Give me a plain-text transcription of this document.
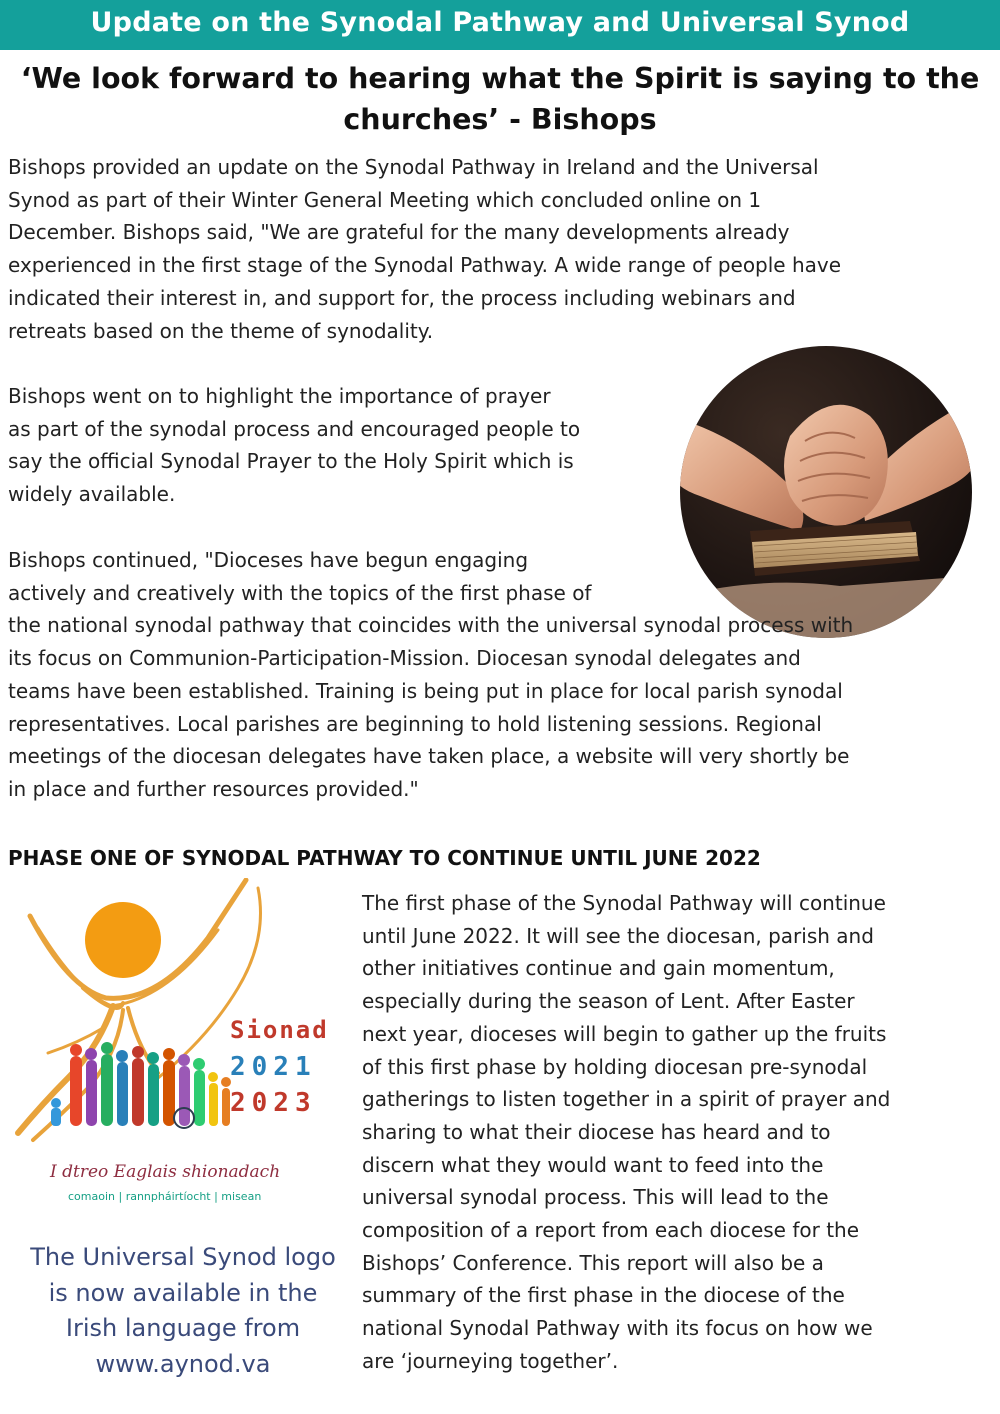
Update on the Synodal Pathway and Universal Synod
‘We look forward to hearing what the Spirit is saying to the
churches’ - Bishops
Bishops provided an update on the Synodal Pathway in Ireland and the Universal
Synod as part of their Winter General Meeting which concluded online on 1
December. Bishops said, "We are grateful for the many developments already
experienced in the first stage of the Synodal Pathway. A wide range of people have
indicated their interest in, and support for, the process including webinars and
retreats based on the theme of synodality.
Bishops went on to highlight the importance of prayer
as part of the synodal process and encouraged people to
say the official Synodal Prayer to the Holy Spirit which is
widely available.
Bishops continued, "Dioceses have begun engaging
actively and creatively with the topics of the first phase of
the national synodal pathway that coincides with the universal synodal process with
its focus on Communion-Participation-Mission. Diocesan synodal delegates and
teams have been established. Training is being put in place for local parish synodal
representatives. Local parishes are beginning to hold listening sessions. Regional
meetings of the diocesan delegates have taken place, a website will very shortly be
in place and further resources provided."
PHASE ONE OF SYNODAL PATHWAY TO CONTINUE UNTIL JUNE 2022
Sionad
2021
2023
I dtreo Eaglais shionadach
comaoin | rannpháirtíocht | misean
The Universal Synod logo
is now available in the
Irish language from
www.aynod.va
The first phase of the Synodal Pathway will continue
until June 2022. It will see the diocesan, parish and
other initiatives continue and gain momentum,
especially during the season of Lent. After Easter
next year, dioceses will begin to gather up the fruits
of this first phase by holding diocesan pre-synodal
gatherings to listen together in a spirit of prayer and
sharing to what their diocese has heard and to
discern what they would want to feed into the
universal synodal process. This will lead to the
composition of a report from each diocese for the
Bishops’ Conference. This report will also be a
summary of the first phase in the diocese of the
national Synodal Pathway with its focus on how we
are ‘journeying together’.
